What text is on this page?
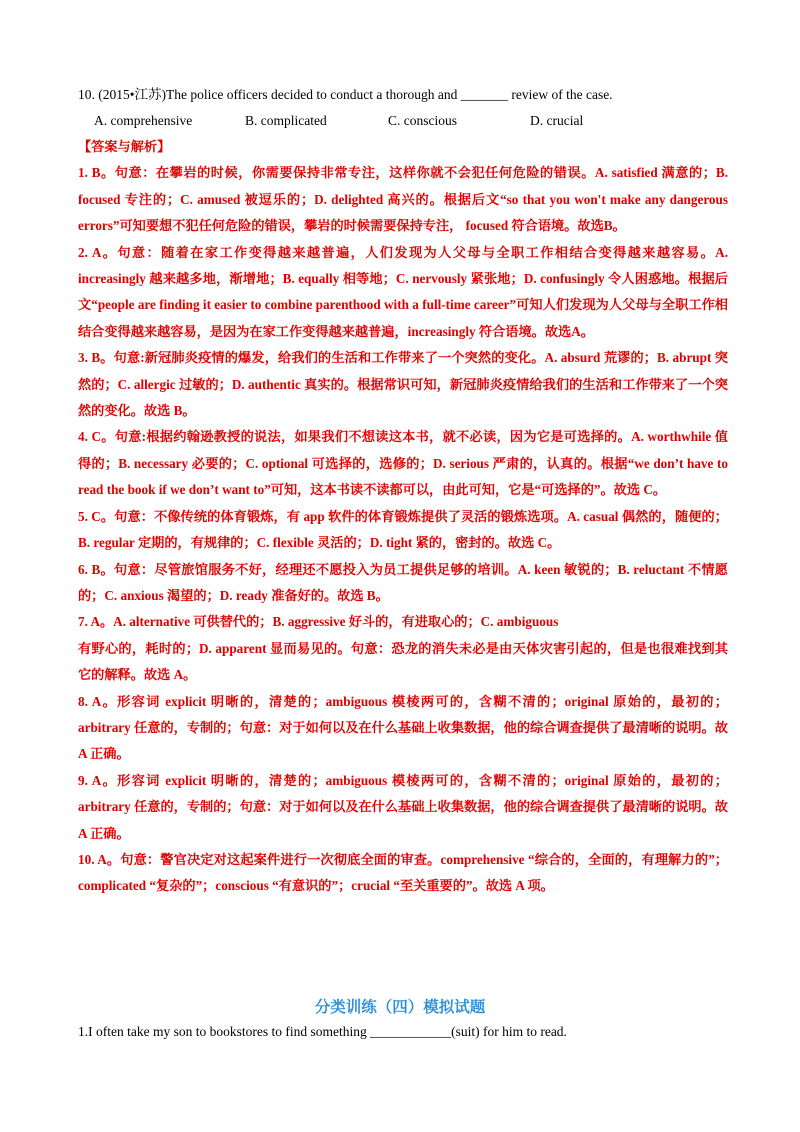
10. (2015•江苏)The police officers decided to conduct a thorough and _______ review of the case.
A. comprehensive	B. complicated	C. conscious	D. crucial

【答案与解析】

1. B。句意：在攀岩的时候，你需要保持非常专注，这样你就不会犯任何危险的错误。A. satisfied 满意的；B. focused 专注的；C. amused 被逗乐的；D. delighted 高兴的。根据后文“so that you won't make any dangerous errors”可知要想不犯任何危险的错误，攀岩的时候需要保持专注， focused 符合语境。故选B。

2. A。句意：随着在家工作变得越来越普遍，人们发现为人父母与全职工作相结合变得越来越容易。A. increasingly 越来越多地，渐增地；B. equally 相等地；C. nervously 紧张地；D. confusingly 令人困惑地。根据后文“people are finding it easier to combine parenthood with a full-time career”可知人们发现为人父母与全职工作相结合变得越来越容易，是因为在家工作变得越来越普遍，increasingly 符合语境。故选A。

3. B。句意:新冠肺炎疫情的爆发，给我们的生活和工作带来了一个突然的变化。A. absurd 荒谬的；B. abrupt 突然的；C. allergic 过敏的；D. authentic 真实的。根据常识可知，新冠肺炎疫情给我们的生活和工作带来了一个突然的变化。故选 B。

4. C。句意:根据约翰逊教授的说法，如果我们不想读这本书，就不必读，因为它是可选择的。A. worthwhile 值得的；B. necessary 必要的；C. optional 可选择的，选修的；D. serious 严肃的，认真的。根据“we don’t have to read the book if we don’t want to”可知，这本书读不读都可以，由此可知，它是“可选择的”。故选 C。

5. C。句意：不像传统的体育锻炼，有 app 软件的体育锻炼提供了灵活的锻炼选项。A. casual 偶然的，随便的；B. regular 定期的，有规律的；C. flexible 灵活的；D. tight 紧的，密封的。故选 C。

6. B。句意：尽管旅馆服务不好，经理还不愿投入为员工提供足够的培训。A. keen 敏锐的；B. reluctant 不情愿的；C. anxious 渴望的；D. ready 准备好的。故选 B。

7. A。A. alternative 可供替代的；B. aggressive 好斗的，有进取心的；C. ambiguous
有野心的，耗时的；D. apparent 显而易见的。句意：恐龙的消失未必是由天体灾害引起的，但是也很难找到其它的解释。故选 A。

8. A。形容词 explicit 明晰的，清楚的；ambiguous 模棱两可的，含糊不清的；original 原始的，最初的；arbitrary 任意的，专制的；句意：对于如何以及在什么基础上收集数据，他的综合调查提供了最清晰的说明。故 A 正确。

9. A。形容词 explicit 明晰的，清楚的；ambiguous 模棱两可的，含糊不清的；original 原始的，最初的；arbitrary 任意的，专制的；句意：对于如何以及在什么基础上收集数据，他的综合调查提供了最清晰的说明。故 A 正确。

10. A。句意：警官决定对这起案件进行一次彻底全面的审查。comprehensive “综合的，全面的，有理解力的”；complicated “复杂的”；conscious “有意识的”；crucial “至关重要的”。故选 A 项。

分类训练（四）模拟试题
1.I often take my son to bookstores to find something ____________(suit) for him to read.
